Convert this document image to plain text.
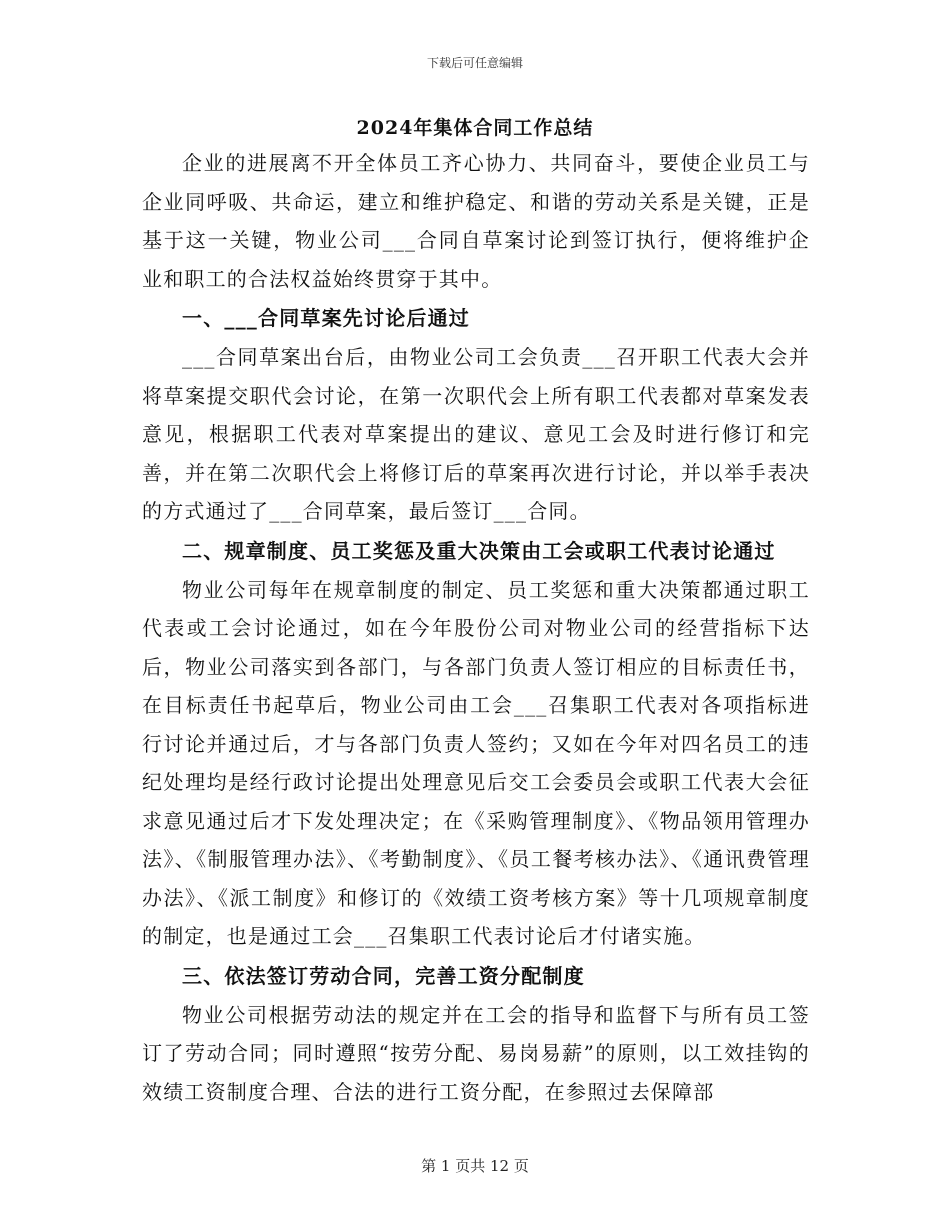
下载后可任意编辑
2024年集体合同工作总结

企业的进展离不开全体员工齐心协力、共同奋斗，要使企业员工与企业同呼吸、共命运，建立和维护稳定、和谐的劳动关系是关键，正是基于这一关键，物业公司___合同自草案讨论到签订执行，便将维护企业和职工的合法权益始终贯穿于其中。

一、___合同草案先讨论后通过

___合同草案出台后，由物业公司工会负责___召开职工代表大会并将草案提交职代会讨论，在第一次职代会上所有职工代表都对草案发表意见，根据职工代表对草案提出的建议、意见工会及时进行修订和完善，并在第二次职代会上将修订后的草案再次进行讨论，并以举手表决的方式通过了___合同草案，最后签订___合同。

二、规章制度、员工奖惩及重大决策由工会或职工代表讨论通过

物业公司每年在规章制度的制定、员工奖惩和重大决策都通过职工代表或工会讨论通过，如在今年股份公司对物业公司的经营指标下达后，物业公司落实到各部门，与各部门负责人签订相应的目标责任书，在目标责任书起草后，物业公司由工会___召集职工代表对各项指标进行讨论并通过后，才与各部门负责人签约；又如在今年对四名员工的违纪处理均是经行政讨论提出处理意见后交工会委员会或职工代表大会征求意见通过后才下发处理决定；在《采购管理制度》、《物品领用管理办法》、《制服管理办法》、《考勤制度》、《员工餐考核办法》、《通讯费管理办法》、《派工制度》和修订的《效绩工资考核方案》等十几项规章制度的制定，也是通过工会___召集职工代表讨论后才付诸实施。

三、依法签订劳动合同，完善工资分配制度

物业公司根据劳动法的规定并在工会的指导和监督下与所有员工签订了劳动合同；同时遵照“按劳分配、易岗易薪”的原则，以工效挂钩的效绩工资制度合理、合法的进行工资分配，在参照过去保障部

第 1 页共 12 页
